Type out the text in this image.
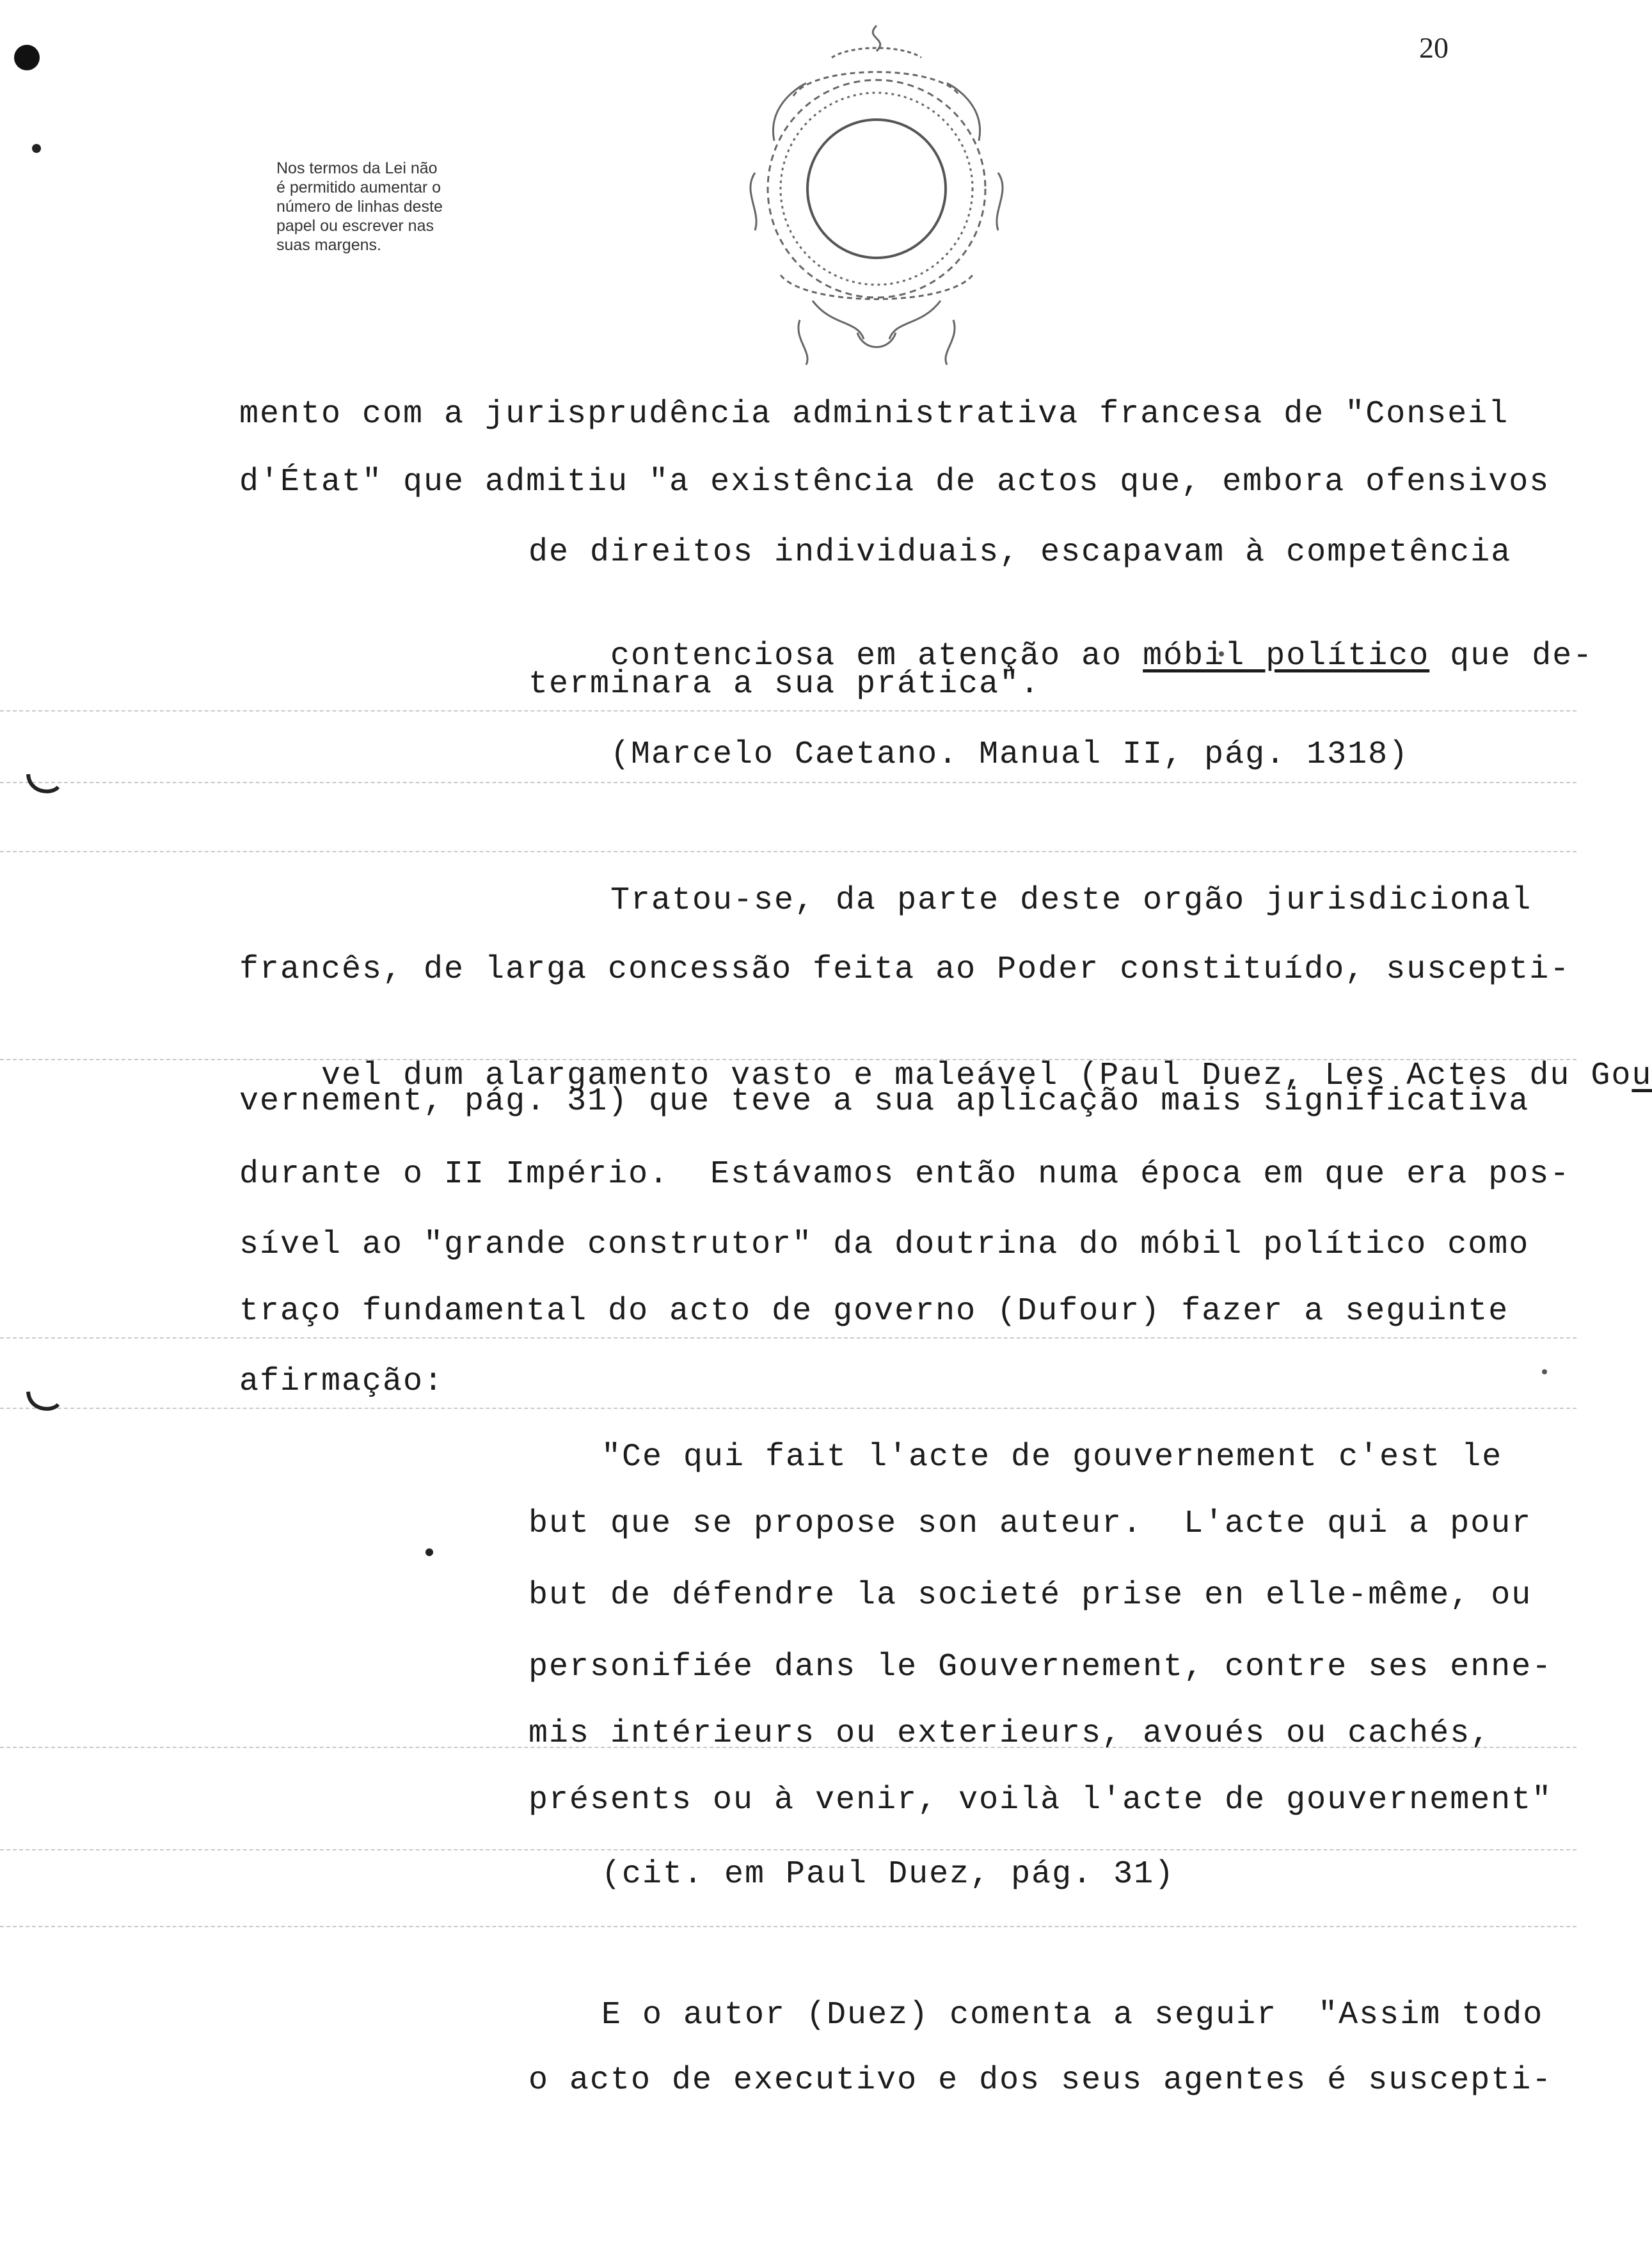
20
Nos termos da Lei não
é permitido aumentar o
número de linhas deste
papel ou escrever nas
suas margens.
mento com a jurisprudência administrativa francesa de "Conseil
d'État" que admitiu "a existência de actos que, embora ofensivos
de direitos individuais, escapavam à competência

contenciosa em atenção ao móbil político que de-

terminara a sua prática".
(Marcelo Caetano. Manual II, pág. 1318)
Tratou-se, da parte deste orgão jurisdicional
francês, de larga concessão feita ao Poder constituído, suscepti-

vel dum alargamento vasto e maleável (Paul Duez, Les Actes du Gou

vernement, pág. 31) que teve a sua aplicação mais significativa
durante o II Império.  Estávamos então numa época em que era pos-
sível ao "grande construtor" da doutrina do móbil político como
traço fundamental do acto de governo (Dufour) fazer a seguinte
afirmação:
"Ce qui fait l'acte de gouvernement c'est le
but que se propose son auteur.  L'acte qui a pour
but de défendre la societé prise en elle-même, ou
personifiée dans le Gouvernement, contre ses enne-
mis intérieurs ou exterieurs, avoués ou cachés,
présents ou à venir, voilà l'acte de gouvernement"
(cit. em Paul Duez, pág. 31)
E o autor (Duez) comenta a seguir  "Assim todo
o acto de executivo e dos seus agentes é suscepti-
